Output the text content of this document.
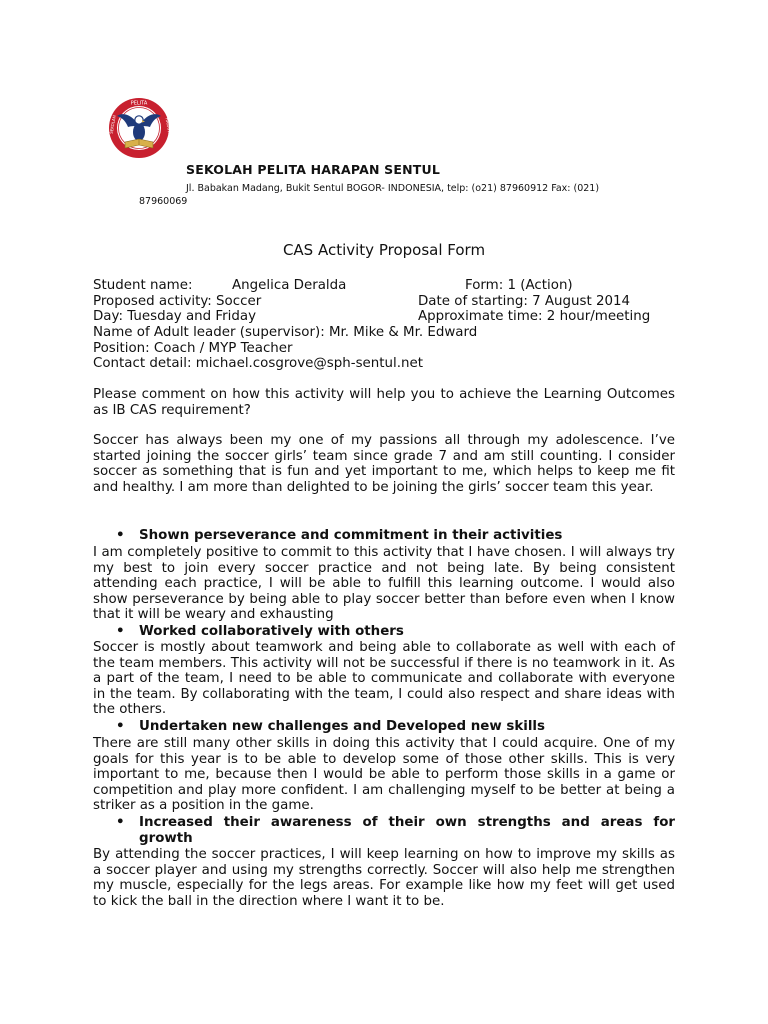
PELITA
SEKOLAH	HARAPAN
SEKOLAH PELITA HARAPAN SENTUL
Jl. Babakan Madang, Bukit Sentul BOGOR- INDONESIA, telp: (o21) 87960912 Fax: (021) 87960069
CAS Activity Proposal Form
Student name:	Angelica Deralda	Form: 1 (Action)
Proposed activity: Soccer	Date of starting: 7 August 2014
Day: Tuesday and Friday	Approximate time: 2 hour/meeting
Name of Adult leader (supervisor): Mr. Mike & Mr. Edward
Position: Coach / MYP Teacher
Contact detail: michael.cosgrove@sph-sentul.net
Please comment on how this activity will help you to achieve the Learning Outcomes as IB CAS requirement?
Soccer has always been my one of my passions all through my adolescence. I’ve started joining the soccer girls’ team since grade 7 and am still counting. I consider soccer as something that is fun and yet important to me, which helps to keep me fit and healthy. I am more than delighted to be joining the girls’ soccer team this year.
• Shown perseverance and commitment in their activities
I am completely positive to commit to this activity that I have chosen. I will always try my best to join every soccer practice and not being late. By being consistent attending each practice, I will be able to fulfill this learning outcome. I would also show perseverance by being able to play soccer better than before even when I know that it will be weary and exhausting
• Worked collaboratively with others
Soccer is mostly about teamwork and being able to collaborate as well with each of the team members. This activity will not be successful if there is no teamwork in it. As a part of the team, I need to be able to communicate and collaborate with everyone in the team. By collaborating with the team, I could also respect and share ideas with the others.
• Undertaken new challenges and Developed new skills
There are still many other skills in doing this activity that I could acquire. One of my goals for this year is to be able to develop some of those other skills. This is very important to me, because then I would be able to perform those skills in a game or competition and play more confident. I am challenging myself to be better at being a striker as a position in the game.
• Increased their awareness of their own strengths and areas for growth
By attending the soccer practices, I will keep learning on how to improve my skills as a soccer player and using my strengths correctly. Soccer will also help me strengthen my muscle, especially for the legs areas. For example like how my feet will get used to kick the ball in the direction where I want it to be.
